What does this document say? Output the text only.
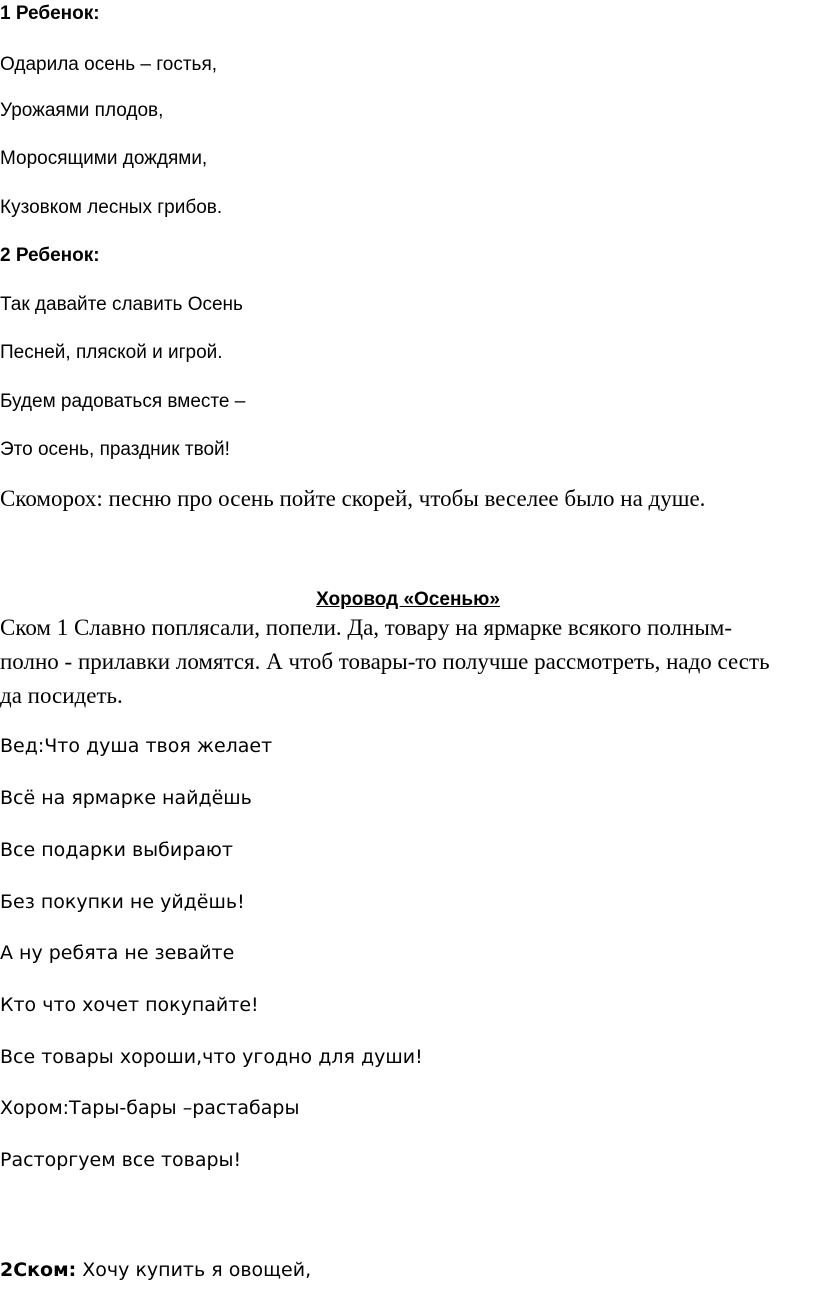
1 Ребенок:
Одарила осень – гостья,
Урожаями плодов,
Моросящими дождями,
Кузовком лесных грибов.
2 Ребенок:
Так давайте славить Осень
Песней, пляской и игрой.
Будем радоваться вместе –
Это осень, праздник твой!
Скоморох: песню про осень пойте скорей, чтобы веселее было на душе.
Хоровод «Осенью»
Ском 1 Славно поплясали, попели. Да, товару на ярмарке всякого полным-
полно - прилавки ломятся. А чтоб товары-то получше рассмотреть, надо сесть
да посидеть.
Вед:Что душа твоя желает
Всё на ярмарке найдёшь
Все подарки выбирают
Без покупки не уйдёшь!
А ну ребята не зевайте
Кто что хочет покупайте!
Все товары хороши,что угодно для души!
Хором:Тары-бары –растабары
Расторгуем все товары!
2Ском: Хочу купить я овощей,
